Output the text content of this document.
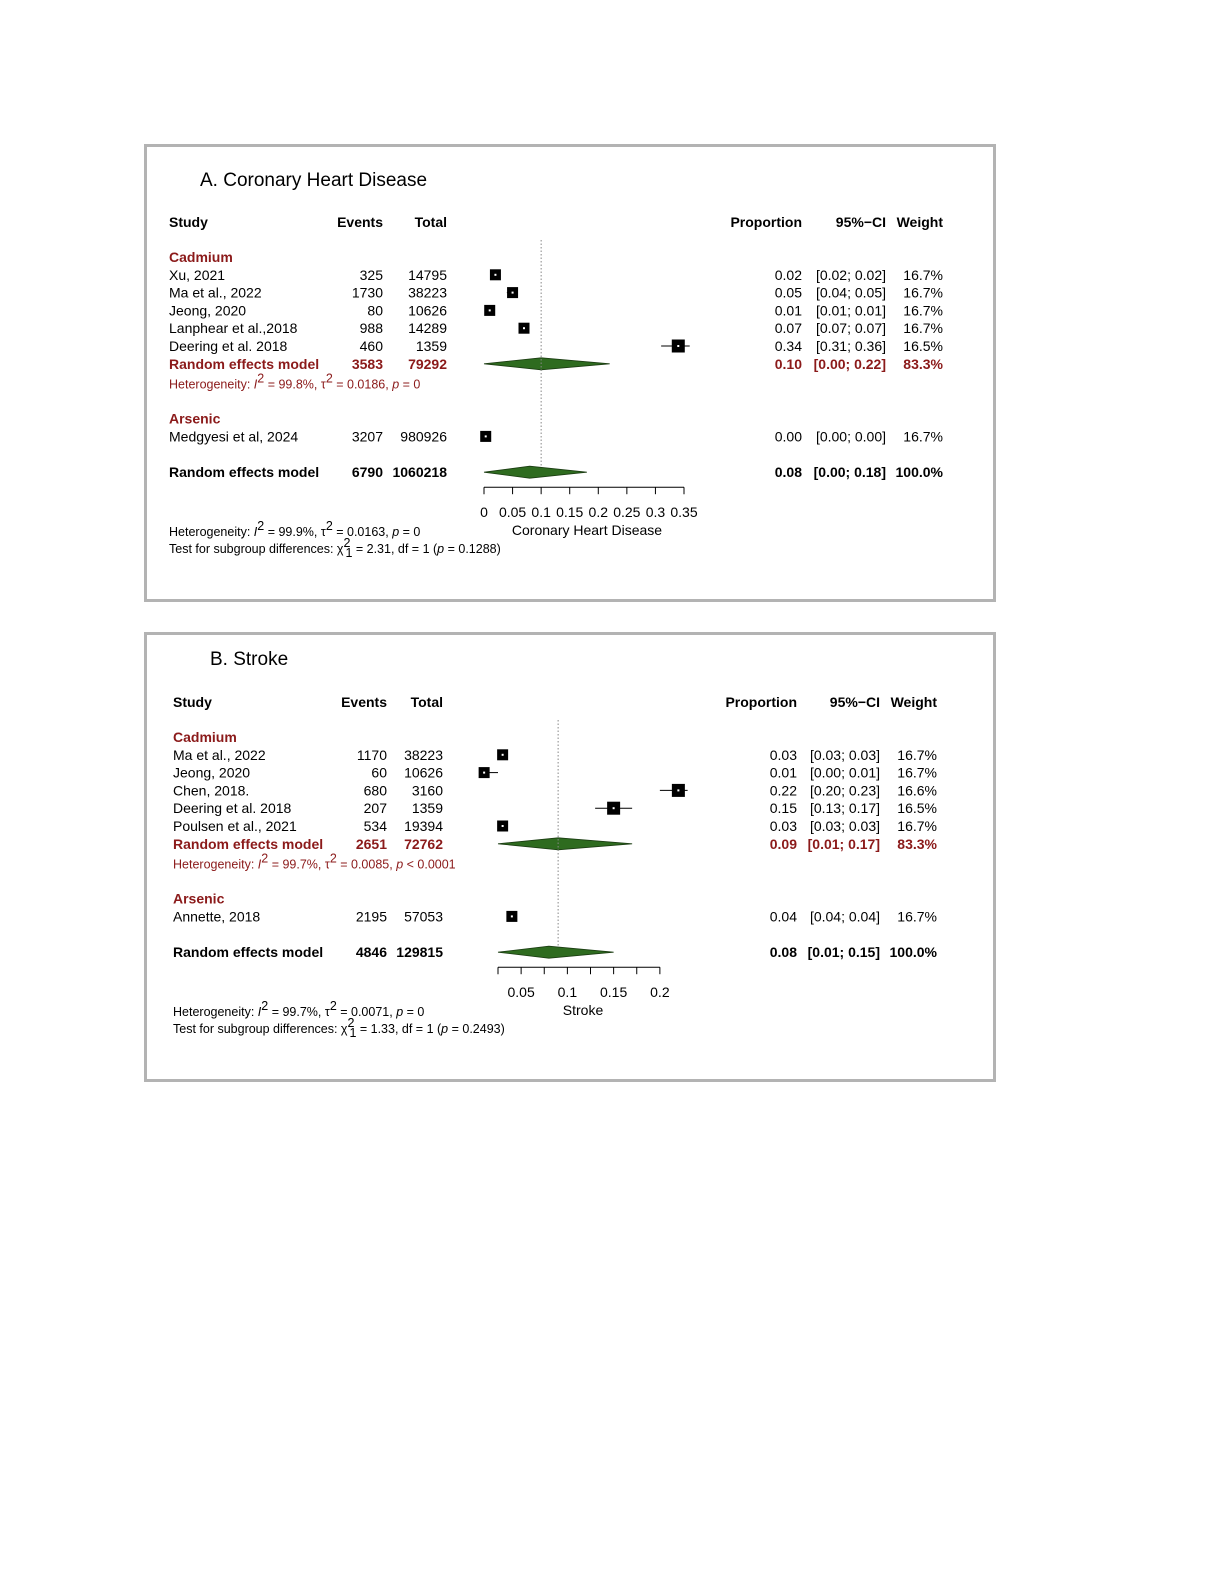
A. Coronary Heart Disease
Study	Events Total	Proportion 95%−CI Weight
Cadmium
Xu, 2021	325 14795	0.02 [0.02; 0.02] 16.7%
Ma et al., 2022	1730 38223	0.05 [0.04; 0.05] 16.7%
Jeong, 2020	80 10626	0.01 [0.01; 0.01] 16.7%
Lanphear et al.,2018	988 14289	0.07 [0.07; 0.07] 16.7%
Deering et al. 2018	460 1359	0.34 [0.31; 0.36] 16.5%
Random effects model 3583 79292	0.10 [0.00; 0.22] 83.3%
Heterogeneity: I2 = 99.8%, τ2 = 0.0186, p = 0
Arsenic
Medgyesi et al, 2024	3207 980926	0.00 [0.00; 0.00] 16.7%
Random effects model 6790 1060218	0.08 [0.00; 0.18] 100.0%
0 0.05 0.1 0.15 0.2 0.25 0.3 0.35
Coronary Heart Disease
Heterogeneity: I2 = 99.9%, τ2 = 0.0163, p = 0
Test for subgroup differences: χ2 1 = 2.31, df = 1 (p = 0.1288)
B. Stroke
Study	Events Total	Proportion 95%−CI Weight
Cadmium
Ma et al., 2022	1170 38223	0.03 [0.03; 0.03] 16.7%
Jeong, 2020	60 10626	0.01 [0.00; 0.01] 16.7%
Chen, 2018.	680 3160	0.22 [0.20; 0.23] 16.6%
Deering et al. 2018	207 1359	0.15 [0.13; 0.17] 16.5%
Poulsen et al., 2021	534 19394	0.03 [0.03; 0.03] 16.7%
Random effects model 2651 72762	0.09 [0.01; 0.17] 83.3%
Heterogeneity: I2 = 99.7%, τ2 = 0.0085, p < 0.0001
Arsenic
Annette, 2018	2195 57053	0.04 [0.04; 0.04] 16.7%
Random effects model 4846 129815	0.08 [0.01; 0.15] 100.0%
0.05 0.1 0.15 0.2
Stroke
Heterogeneity: I2 = 99.7%, τ2 = 0.0071, p = 0
Test for subgroup differences: χ2 1 = 1.33, df = 1 (p = 0.2493)
